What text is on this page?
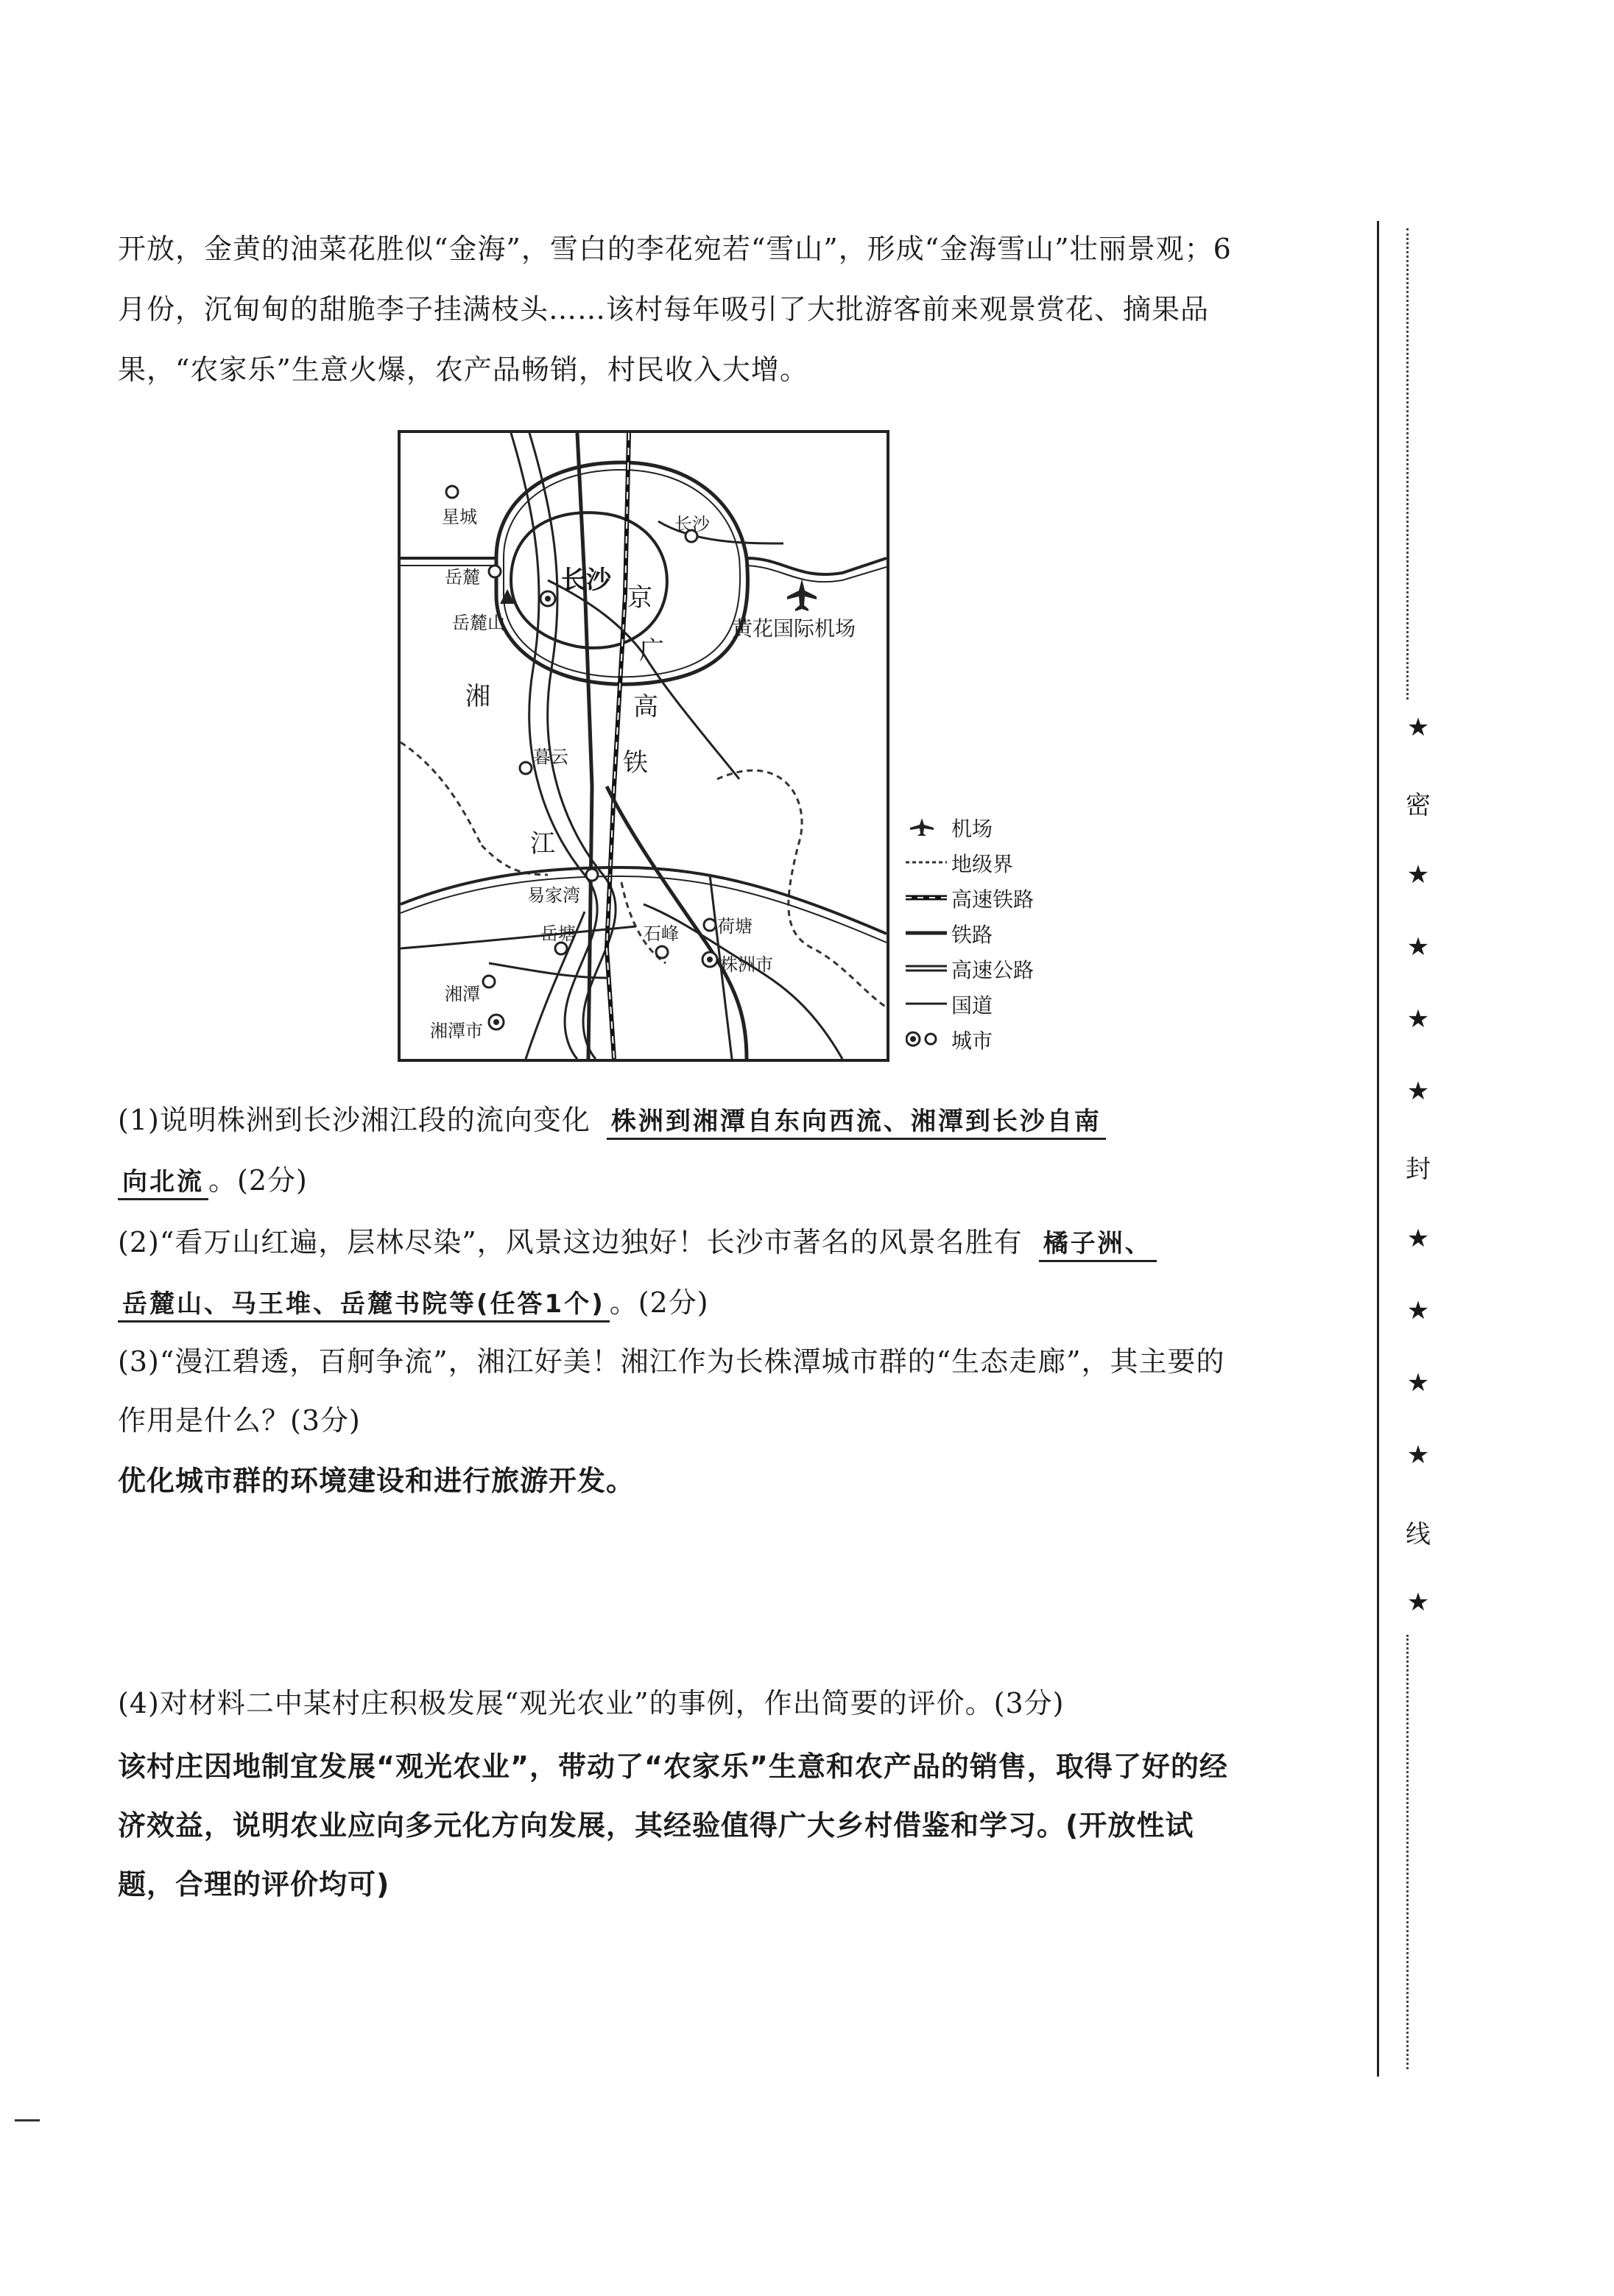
开放，金黄的油菜花胜似“金海”，雪白的李花宛若“雪山”，形成“金海雪山”壮丽景观；6
月份，沉甸甸的甜脆李子挂满枝头……该村每年吸引了大批游客前来观景赏花、摘果品
果，“农家乐”生意火爆，农产品畅销，村民收入大增。
星城	长沙
岳麓	长沙
岳麓山	黄花国际机场
暮云
易家湾
岳塘	石峰 荷塘
株洲市
湘潭
湘潭市
湘
江
京
广
高
铁
机场
地级界
高速铁路
铁路
高速公路
国道
城市
(1)说明株洲到长沙湘江段的流向变化 株洲到湘潭自东向西流、湘潭到长沙自南
向北流 。(2分)
(2)“看万山红遍，层林尽染”，风景这边独好！长沙市著名的风景名胜有 橘子洲、
岳麓山、马王堆、岳麓书院等(任答1个) 。(2分)
(3)“漫江碧透，百舸争流”，湘江好美！湘江作为长株潭城市群的“生态走廊”，其主要的
作用是什么？(3分)
优化城市群的环境建设和进行旅游开发。
(4)对材料二中某村庄积极发展“观光农业”的事例，作出简要的评价。(3分)
该村庄因地制宜发展“观光农业”，带动了“农家乐”生意和农产品的销售，取得了好的经
济效益，说明农业应向多元化方向发展，其经验值得广大乡村借鉴和学习。(开放性试
题，合理的评价均可)
★
密
★
★
★
★
封
★
★
★
★
线
★
